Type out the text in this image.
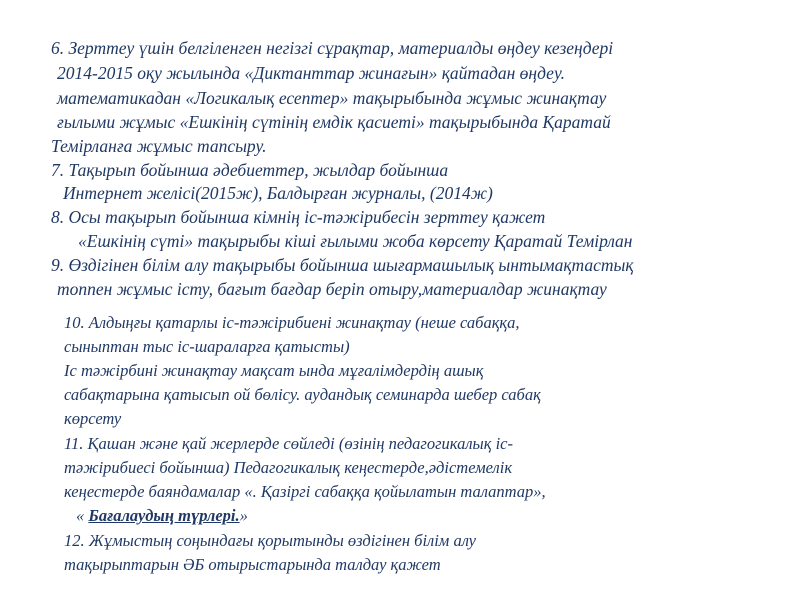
6. Зерттеу үшін белгіленген негізгі сұрақтар, материалды өңдеу кезеңдері
2014-2015 оқу жылында «Диктанттар жинағын» қайтадан өңдеу.
математикадан «Логикалық есептер» тақырыбында жұмыс жинақтау
ғылыми жұмыс «Ешкінің сүтінің емдік қасиеті» тақырыбында Қаратай
Темірланға жұмыс тапсыру.
7. Тақырып бойынша әдебиеттер, жылдар бойынша
Интернет желісі(2015ж), Балдырған журналы, (2014ж)
8. Осы тақырып бойынша кімнің іс-тәжірибесін зерттеу қажет
«Ешкінің сүті» тақырыбы кіші ғылыми жоба көрсету Қаратай Темірлан
9. Өздігінен білім алу тақырыбы бойынша шығармашылық ынтымақтастық
топпен жұмыс істу, бағыт бағдар беріп отыру,материалдар жинақтау
10. Алдыңғы қатарлы іс-тәжірибиені жинақтау (неше сабаққа,
сыныптан тыс іс-шараларға қатысты)
Іс тәжірбині жинақтау мақсат ында мұғалімдердің ашық
сабақтарына қатысып ой бөлісу. аудандық семинарда шебер сабақ
көрсету
11. Қашан және қай жерлерде сөйледі (өзінің педагогикалық іс-
тәжірибиесі бойынша) Педагогикалық кеңестерде,әдістемелік
кеңестерде баяндамалар «. Қазіргі сабаққа қойылатын талаптар»,
« Бағалаудың түрлері.»
12. Жұмыстың соңындағы қорытынды өздігінен білім алу
тақырыптарын ӘБ отырыстарында талдау қажет
